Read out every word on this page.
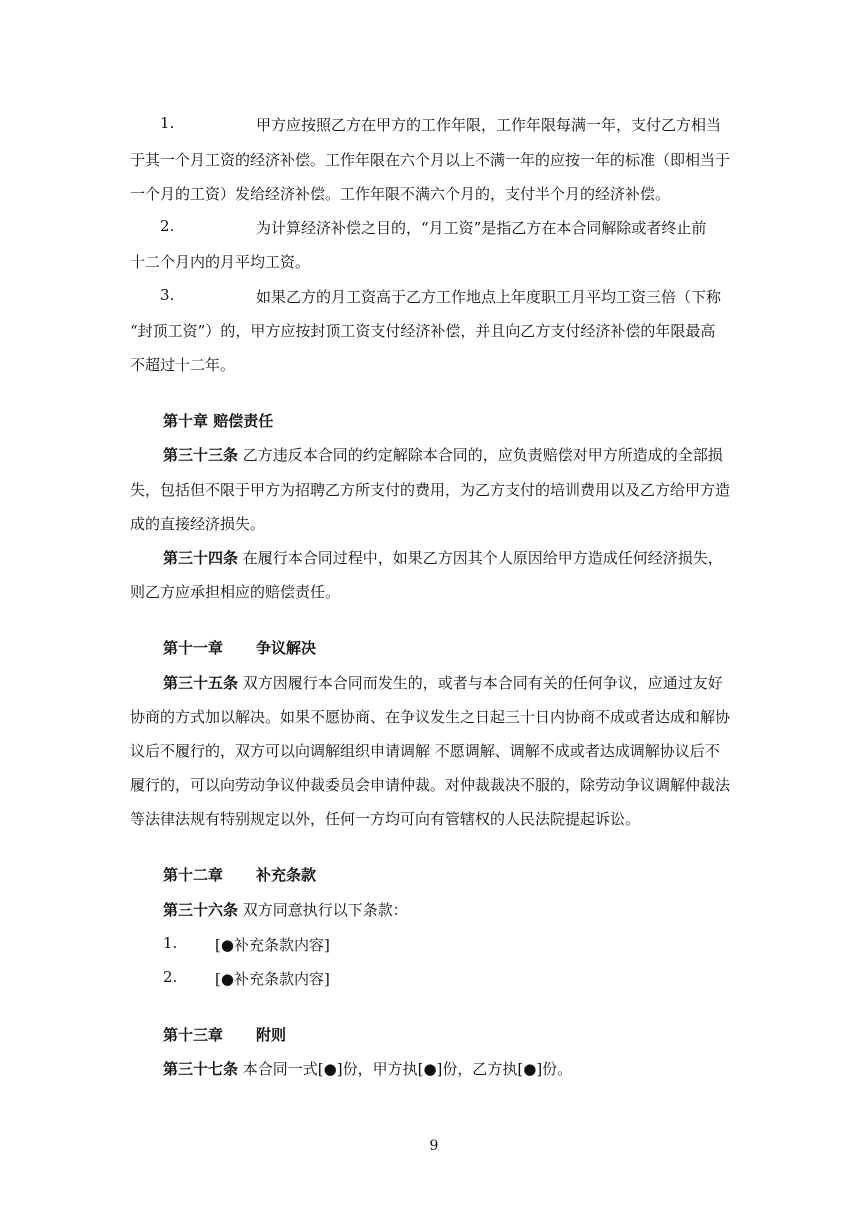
1.	甲方应按照乙方在甲方的工作年限，工作年限每满一年，支付乙方相当
于其一个月工资的经济补偿。工作年限在六个月以上不满一年的应按一年的标准（即相当于
一个月的工资）发给经济补偿。工作年限不满六个月的，支付半个月的经济补偿。
2.	为计算经济补偿之目的，“月工资”是指乙方在本合同解除或者终止前
十二个月内的月平均工资。
3.	如果乙方的月工资高于乙方工作地点上年度职工月平均工资三倍（下称
“封顶工资”）的，甲方应按封顶工资支付经济补偿，并且向乙方支付经济补偿的年限最高
不超过十二年。
第十章 赔偿责任
第三十三条 乙方违反本合同的约定解除本合同的，应负责赔偿对甲方所造成的全部损
失，包括但不限于甲方为招聘乙方所支付的费用，为乙方支付的培训费用以及乙方给甲方造
成的直接经济损失。
第三十四条 在履行本合同过程中，如果乙方因其个人原因给甲方造成任何经济损失，
则乙方应承担相应的赔偿责任。
第十一章 争议解决
第三十五条 双方因履行本合同而发生的，或者与本合同有关的任何争议，应通过友好
协商的方式加以解决。如果不愿协商、在争议发生之日起三十日内协商不成或者达成和解协
议后不履行的，双方可以向调解组织申请调解 不愿调解、调解不成或者达成调解协议后不
履行的，可以向劳动争议仲裁委员会申请仲裁。对仲裁裁决不服的，除劳动争议调解仲裁法
等法律法规有特别规定以外，任何一方均可向有管辖权的人民法院提起诉讼。
第十二章 补充条款
第三十六条 双方同意执行以下条款：
1.	[●补充条款内容]
2.	[●补充条款内容]
第十三章 附则
第三十七条 本合同一式[●]份，甲方执[●]份，乙方执[●]份。
9
